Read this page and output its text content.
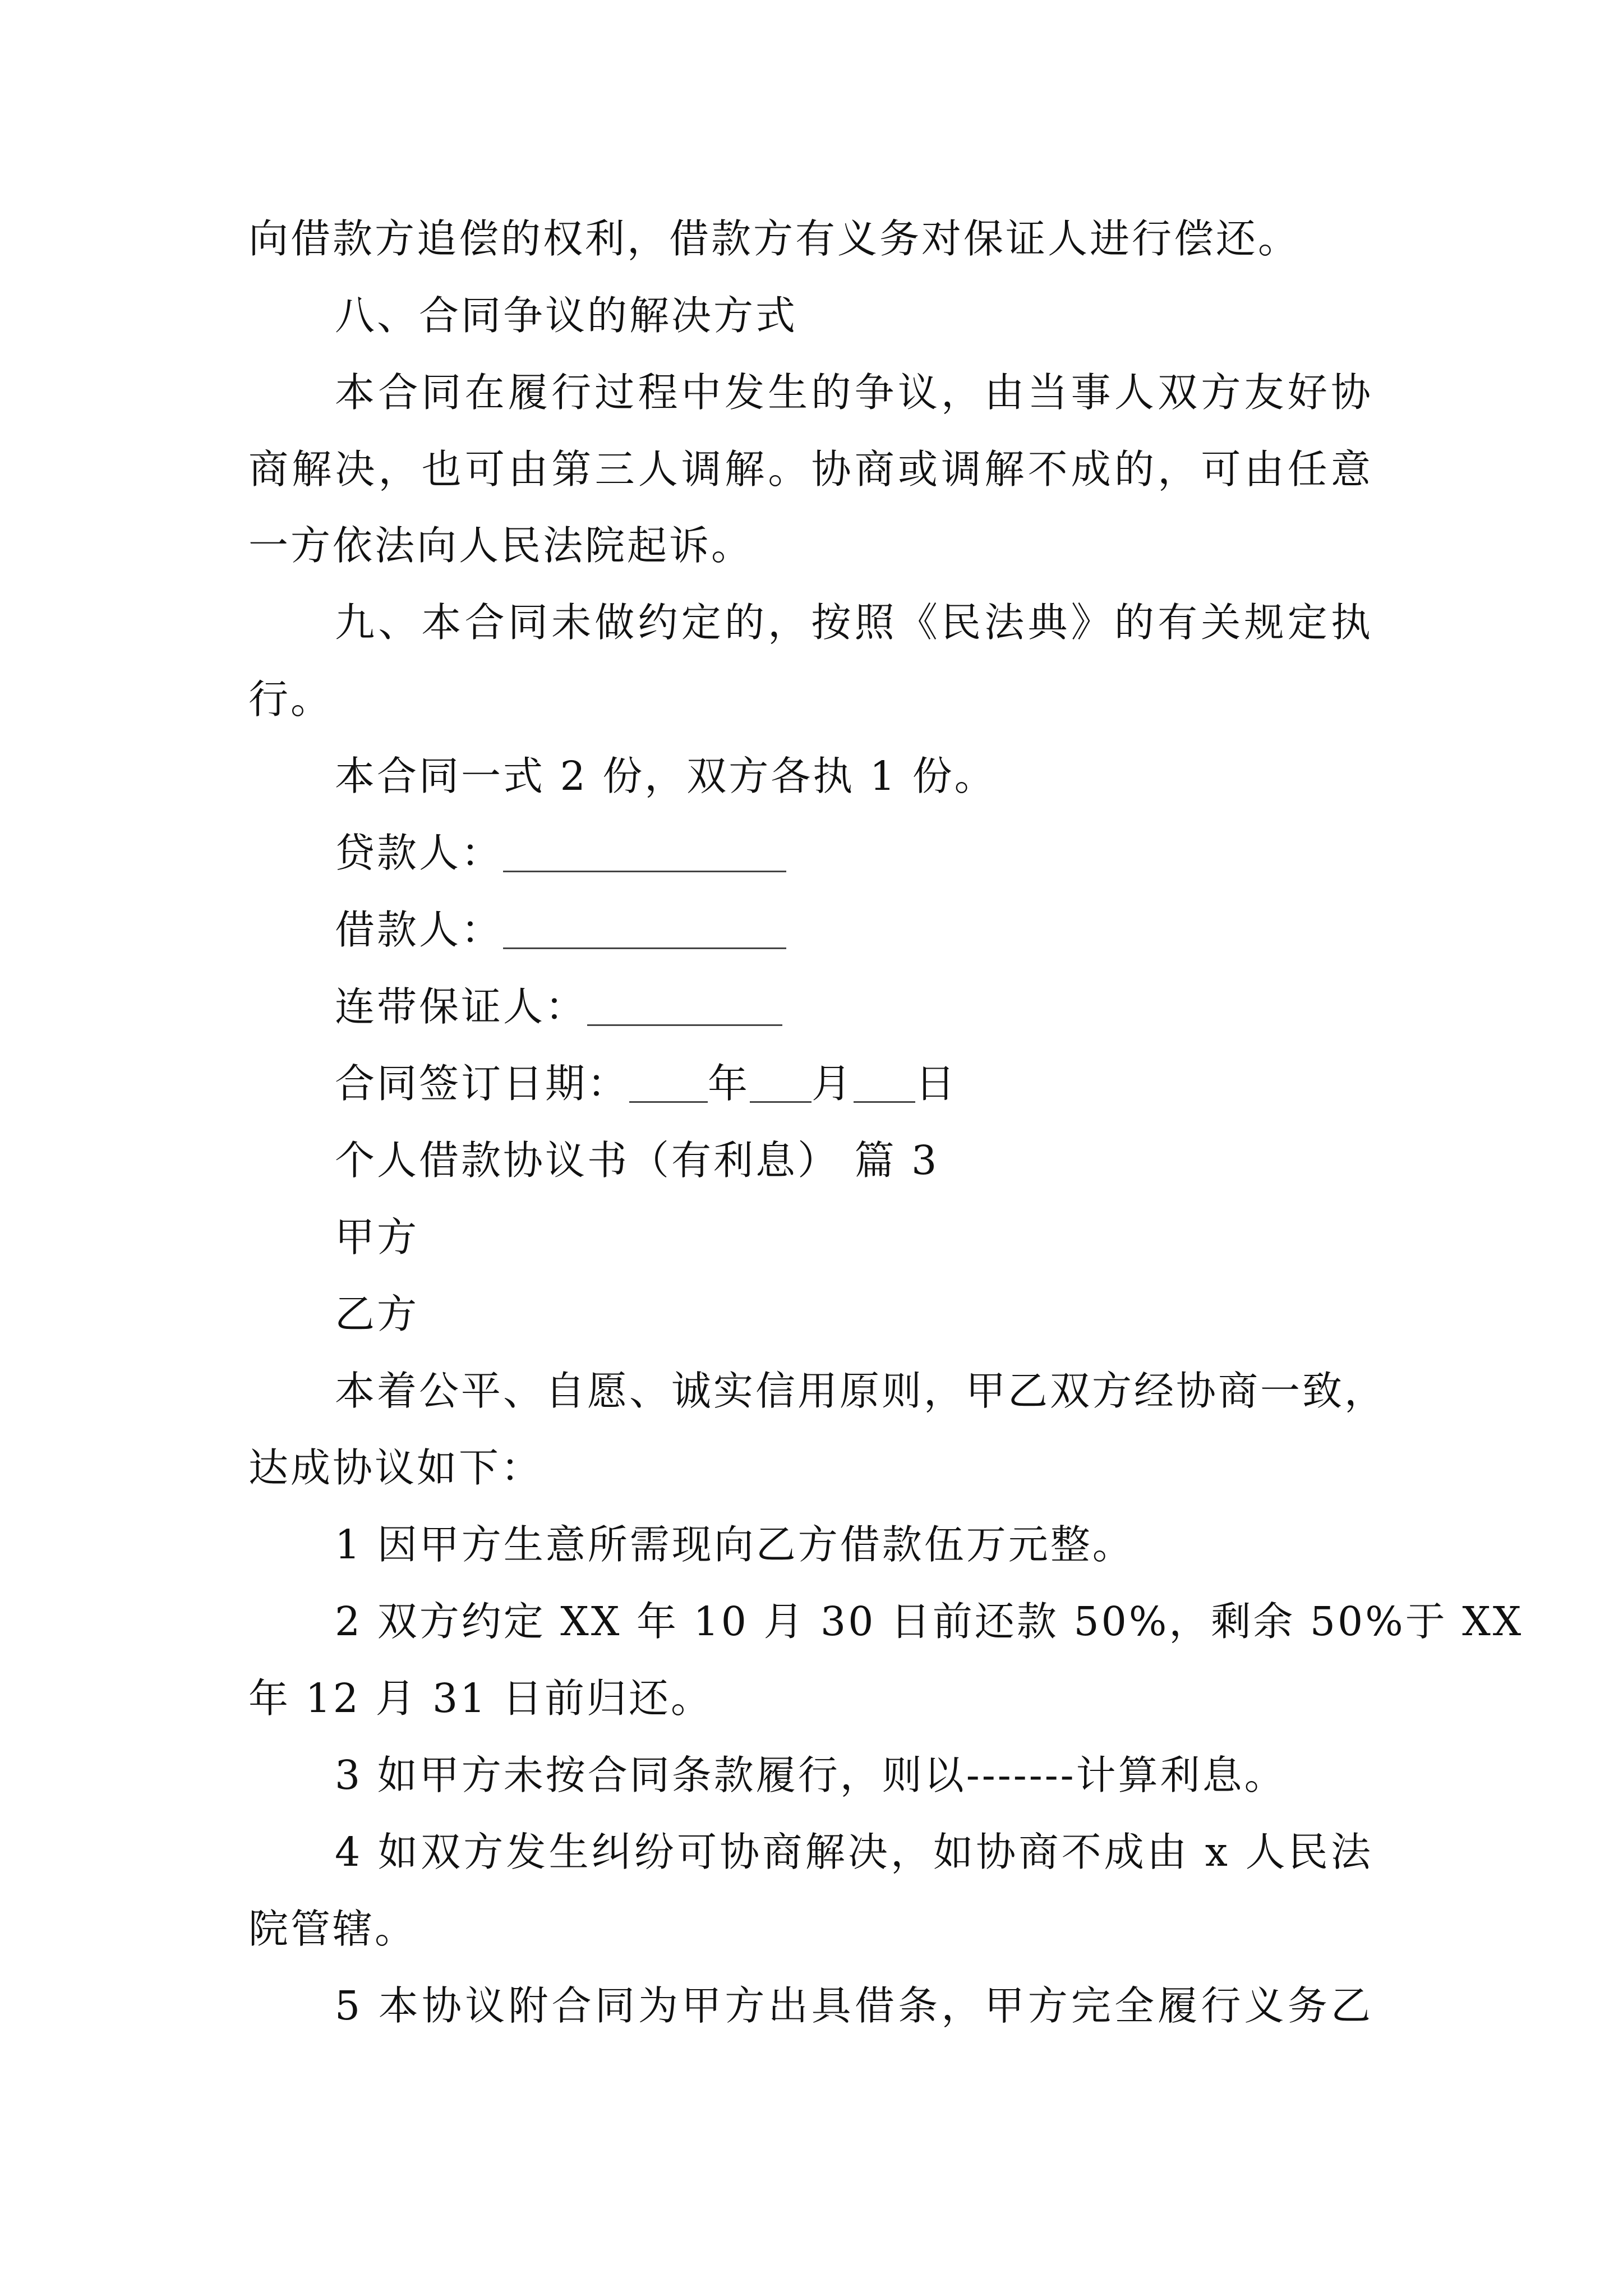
向借款方追偿的权利，借款方有义务对保证人进行偿还。
八、合同争议的解决方式
本合同在履行过程中发生的争议，由当事人双方友好协
商解决，也可由第三人调解。协商或调解不成的，可由任意
一方依法向人民法院起诉。
九、本合同未做约定的，按照《民法典》的有关规定执
行。
本合同一式 2 份，双方各执 1 份。
贷款人：
借款人：
连带保证人：
合同签订日期： 年 月 日
个人借款协议书（有利息） 篇 3
甲方
乙方
本着公平、自愿、诚实信用原则，甲乙双方经协商一致，
达成协议如下：
1 因甲方生意所需现向乙方借款伍万元整。
2 双方约定 XX 年 10 月 30 日前还款 50%，剩余 50%于 XX
年 12 月 31 日前归还。
3 如甲方未按合同条款履行，则以-------计算利息。
4 如双方发生纠纷可协商解决，如协商不成由 x 人民法
院管辖。
5 本协议附合同为甲方出具借条，甲方完全履行义务乙
